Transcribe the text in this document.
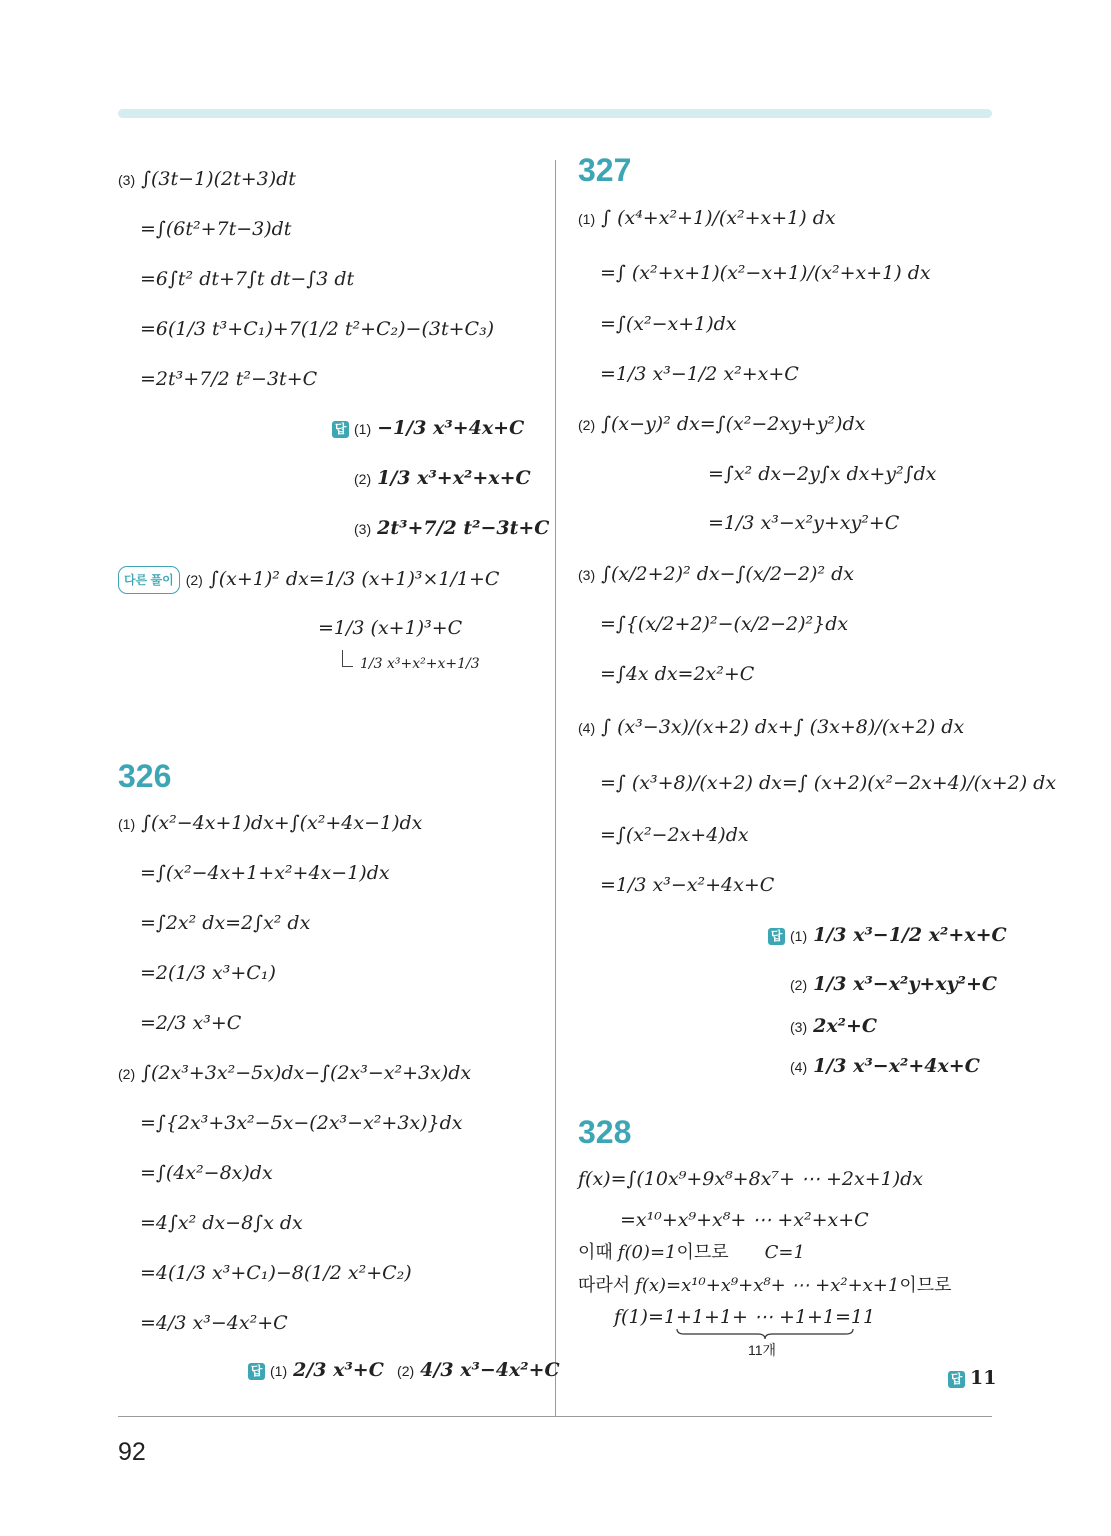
92
(3) ∫(3t−1)(2t+3)dt
=∫(6t²+7t−3)dt
=6∫t² dt+7∫t dt−∫3 dt
=6(1/3 t³+C₁)+7(1/2 t²+C₂)−(3t+C₃)
=2t³+7/2 t²−3t+C
답 (1) −1/3 x³+4x+C
(2) 1/3 x³+x²+x+C
(3) 2t³+7/2 t²−3t+C
다른 풀이 (2) ∫(x+1)² dx=1/3 (x+1)³×1/1+C
=1/3 (x+1)³+C
1/3 x³+x²+x+1/3
326
(1) ∫(x²−4x+1)dx+∫(x²+4x−1)dx
=∫(x²−4x+1+x²+4x−1)dx
=∫2x² dx=2∫x² dx
=2(1/3 x³+C₁)
=2/3 x³+C
(2) ∫(2x³+3x²−5x)dx−∫(2x³−x²+3x)dx
=∫{2x³+3x²−5x−(2x³−x²+3x)}dx
=∫(4x²−8x)dx
=4∫x² dx−8∫x dx
=4(1/3 x³+C₁)−8(1/2 x²+C₂)
=4/3 x³−4x²+C
답 (1) 2/3 x³+C (2) 4/3 x³−4x²+C
327
(1) ∫ (x⁴+x²+1)/(x²+x+1) dx
=∫ (x²+x+1)(x²−x+1)/(x²+x+1) dx
=∫(x²−x+1)dx
=1/3 x³−1/2 x²+x+C
(2) ∫(x−y)² dx=∫(x²−2xy+y²)dx
=∫x² dx−2y∫x dx+y²∫dx
=1/3 x³−x²y+xy²+C
(3) ∫(x/2+2)² dx−∫(x/2−2)² dx
=∫{(x/2+2)²−(x/2−2)²}dx
=∫4x dx=2x²+C
(4) ∫ (x³−3x)/(x+2) dx+∫ (3x+8)/(x+2) dx
=∫ (x³+8)/(x+2) dx=∫ (x+2)(x²−2x+4)/(x+2) dx
=∫(x²−2x+4)dx
=1/3 x³−x²+4x+C
답 (1) 1/3 x³−1/2 x²+x+C
(2) 1/3 x³−x²y+xy²+C
(3) 2x²+C
(4) 1/3 x³−x²+4x+C
328
f(x)=∫(10x⁹+9x⁸+8x⁷+ ⋯ +2x+1)dx
=x¹⁰+x⁹+x⁸+ ⋯ +x²+x+C
이때 f(0)=1이므로 C=1
따라서 f(x)=x¹⁰+x⁹+x⁸+ ⋯ +x²+x+1이므로
f(1)=1+1+1+ ⋯ +1+1=11
11개
답 11
